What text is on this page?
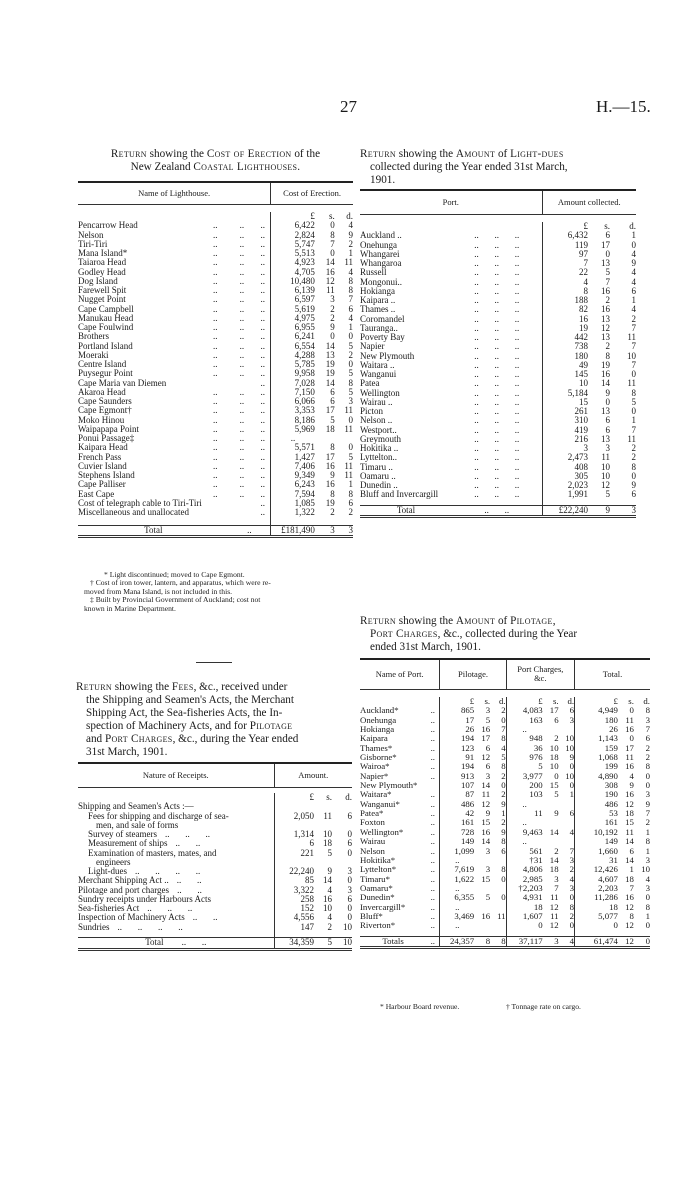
27	H.—15.
Return showing the Cost of Erection of the
New Zealand Coastal Lighthouses.
Name of Lighthouse.				Cost of Erection.		

				£	s.	d.
Pencarrow Head	..	..	..	6,422	0	4
Nelson	..	..	..	2,824	8	9
Tiri-Tiri	..	..	..	5,747	7	2
Mana Island*	..	..	..	5,513	0	1
Taiaroa Head	..	..	..	4,923	14	11
Godley Head	..	..	..	4,705	16	4
Dog Island	..	..	..	10,480	12	8
Farewell Spit	..	..	..	6,139	11	8
Nugget Point	..	..	..	6,597	3	7
Cape Campbell	..	..	..	5,619	2	6
Manukau Head	..	..	..	4,975	2	4
Cape Foulwind	..	..	..	6,955	9	1
Brothers	..	..	..	6,241	0	0
Portland Island	..	..	..	6,554	14	5
Moeraki	..	..	..	4,288	13	2
Centre Island	..	..	..	5,785	19	0
Puysegur Point	..	..	..	9,958	19	5
Cape Maria van Diemen			..	7,028	14	8
Akaroa Head	..	..	..	7,150	6	5
Cape Saunders	..	..	..	6,066	6	3
Cape Egmont†	..	..	..	3,353	17	11
Moko Hinou	..	..	..	8,186	5	0
Waipapapa Point	..	..	..	5,969	18	11
Ponui Passage‡	..	..	..	..		
Kaipara Head	..	..	..	5,571	8	0
French Pass	..	..	..	1,427	17	5
Cuvier Island	..	..	..	7,406	16	11
Stephens Island	..	..	..	9,349	9	11
Cape Palliser	..	..	..	6,243	16	1
East Cape	..	..	..	7,594	8	8
Cost of telegraph cable to Tiri-Tiri			..	1,085	19	6
Miscellaneous and unallocated			..	1,322	2	2

Total		..		£181,490	3	3
* Light discontinued; moved to Cape Egmont.
† Cost of iron tower, lantern, and apparatus, which were re-
moved from Mana Island, is not included in this.
‡ Built by Provincial Government of Auckland; cost not
known in Marine Department.
Return showing the Fees, &c., received under
the Shipping and Seamen's Acts, the Merchant
Shipping Act, the Sea-fisheries Acts, the In-
spection of Machinery Acts, and for Pilotage
and Port Charges, &c., during the Year ended
31st March, 1901.
Nature of Receipts.	Amount.		

	£	s.	d.
Shipping and Seamen's Acts :—			
Fees for shipping and discharge of sea-	2,050	11	6
men, and sale of forms			
Survey of steamers ..       ..       ..	1,314	10	0
Measurement of ships ..       ..	6	18	6
Examination of masters, mates, and	221	5	0
engineers			
Light-dues ..       ..       ..       ..	22,240	9	3
Merchant Shipping Act .. ..       ..	85	14	0
Pilotage and port charges ..       ..	3,322	4	3
Sundry receipts under Harbours Acts	258	16	6
Sea-fisheries Act ..       ..       ..	152	10	0
Inspection of Machinery Acts ..       ..	4,556	4	0
Sundries ..       ..       ..       ..	147	2	10

Total ..       ..	34,359	5	10
Return showing the Amount of Light-dues
collected during the Year ended 31st March,
1901.
Port.		Amount collected.		

		£	s.	d.
Auckland ..	..       ..       ..	6,432	6	1
Onehunga	..       ..       ..	119	17	0
Whangarei	..       ..       ..	97	0	4
Whangaroa	..       ..       ..	7	13	9
Russell	..       ..       ..	22	5	4
Mongonui..	..       ..       ..	4	7	4
Hokianga	..       ..       ..	8	16	6
Kaipara ..	..       ..       ..	188	2	1
Thames ..	..       ..       ..	82	16	4
Coromandel	..       ..       ..	16	13	2
Tauranga..	..       ..       ..	19	12	7
Poverty Bay	..       ..       ..	442	13	11
Napier	..       ..       ..	738	2	7
New Plymouth	..       ..       ..	180	8	10
Waitara ..	..       ..       ..	49	19	7
Wanganui	..       ..       ..	145	16	0
Patea	..       ..       ..	10	14	11
Wellington	..       ..       ..	5,184	9	8
Wairau ..	..       ..       ..	15	0	5
Picton	..       ..       ..	261	13	0
Nelson ..	..       ..       ..	310	6	1
Westport..	..       ..       ..	419	6	7
Greymouth	..       ..       ..	216	13	11
Hokitika ..	..       ..       ..	3	3	2
Lyttelton..	..       ..       ..	2,473	11	2
Timaru ..	..       ..       ..	408	10	8
Oamaru ..	..       ..       ..	305	10	0
Dunedin ..	..       ..       ..	2,023	12	9
Bluff and Invercargill	..       ..       ..	1,991	5	6

Total	..       ..	£22,240	9	3
Return showing the Amount of Pilotage,
Port Charges, &c., collected during the Year
ended 31st March, 1901.
Name of Port.		Pilotage.			Port Charges,
&c.			Total.		

		£	s.	d.	£	s.	d.	£	s.	d.
Auckland*	..	865	3	2	4,083	17	6	4,949	0	8
Onehunga	..	17	5	0	163	6	3	180	11	3
Hokianga	..	26	16	7	..			26	16	7
Kaipara	..	194	17	8	948	2	10	1,143	0	6
Thames*	..	123	6	4	36	10	10	159	17	2
Gisborne*	..	91	12	5	976	18	9	1,068	11	2
Wairoa*	..	194	6	8	5	10	0	199	16	8
Napier*	..	913	3	2	3,977	0	10	4,890	4	0
New Plymouth*		107	14	0	200	15	0	308	9	0
Waitara*	..	87	11	2	103	5	1	190	16	3
Wanganui*	..	486	12	9	..			486	12	9
Patea*	..	42	9	1	11	9	6	53	18	7
Foxton	..	161	15	2	..			161	15	2
Wellington*	..	728	16	9	9,463	14	4	10,192	11	1
Wairau	..	149	14	8	..			149	14	8
Nelson	..	1,099	3	6	561	2	7	1,660	6	1
Hokitika*	..	..			†31	14	3	31	14	3
Lyttelton*	..	7,619	3	8	4,806	18	2	12,426	1	10
Timaru*	..	1,622	15	0	2,985	3	4	4,607	18	4
Oamaru*	..	..			†2,203	7	3	2,203	7	3
Dunedin*	..	6,355	5	0	4,931	11	0	11,286	16	0
Invercargill*	..	..			18	12	8	18	12	8
Bluff*	..	3,469	16	11	1,607	11	2	5,077	8	1
Riverton*	..	..			0	12	0	0	12	0

Totals	..	24,357	8	8	37,117	3	4	61,474	12	0
* Harbour Board revenue.	† Tonnage rate on cargo.
